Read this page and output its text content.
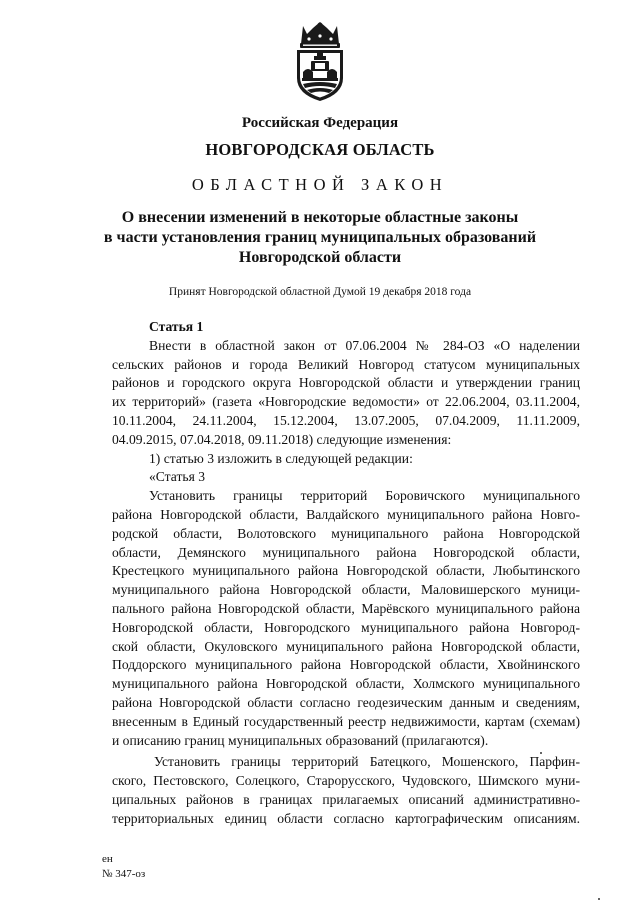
Российская Федерация
НОВГОРОДСКАЯ ОБЛАСТЬ
ОБЛАСТНОЙ ЗАКОН
О внесении изменений в некоторые областные законы
в части установления границ муниципальных образований
Новгородской области
Принят Новгородской областной Думой 19 декабря 2018 года
Статья 1
Внести в областной закон от 07.06.2004 № 284-ОЗ «О наделении
сельских районов и города Великий Новгород статусом муниципальных
районов и городского округа Новгородской области и утверждении границ
их территорий» (газета «Новгородские ведомости» от 22.06.2004, 03.11.2004,
10.11.2004, 24.11.2004, 15.12.2004, 13.07.2005, 07.04.2009, 11.11.2009,
04.09.2015, 07.04.2018, 09.11.2018) следующие изменения:
1) статью 3 изложить в следующей редакции:
«Статья 3
Установить границы территорий Боровичского муниципального
района Новгородской области, Валдайского муниципального района Новго-
родской области, Волотовского муниципального района Новгородской
области, Демянского муниципального района Новгородской области,
Крестецкого муниципального района Новгородской области, Любытинского
муниципального района Новгородской области, Маловишерского муници-
пального района Новгородской области, Марёвского муниципального района
Новгородской области, Новгородского муниципального района Новгород-
ской области, Окуловского муниципального района Новгородской области,
Поддорского муниципального района Новгородской области, Хвойнинского
муниципального района Новгородской области, Холмского муниципального
района Новгородской области согласно геодезическим данным и сведениям,
внесенным в Единый государственный реестр недвижимости, картам (схемам)
и описанию границ муниципальных образований (прилагаются).
Установить границы территорий Батецкого, Мошенского, Парфин-
ского, Пестовского, Солецкого, Старорусского, Чудовского, Шимского муни-
ципальных районов в границах прилагаемых описаний административно-
территориальных единиц области согласно картографическим описаниям.
ен
№ 347-оз
